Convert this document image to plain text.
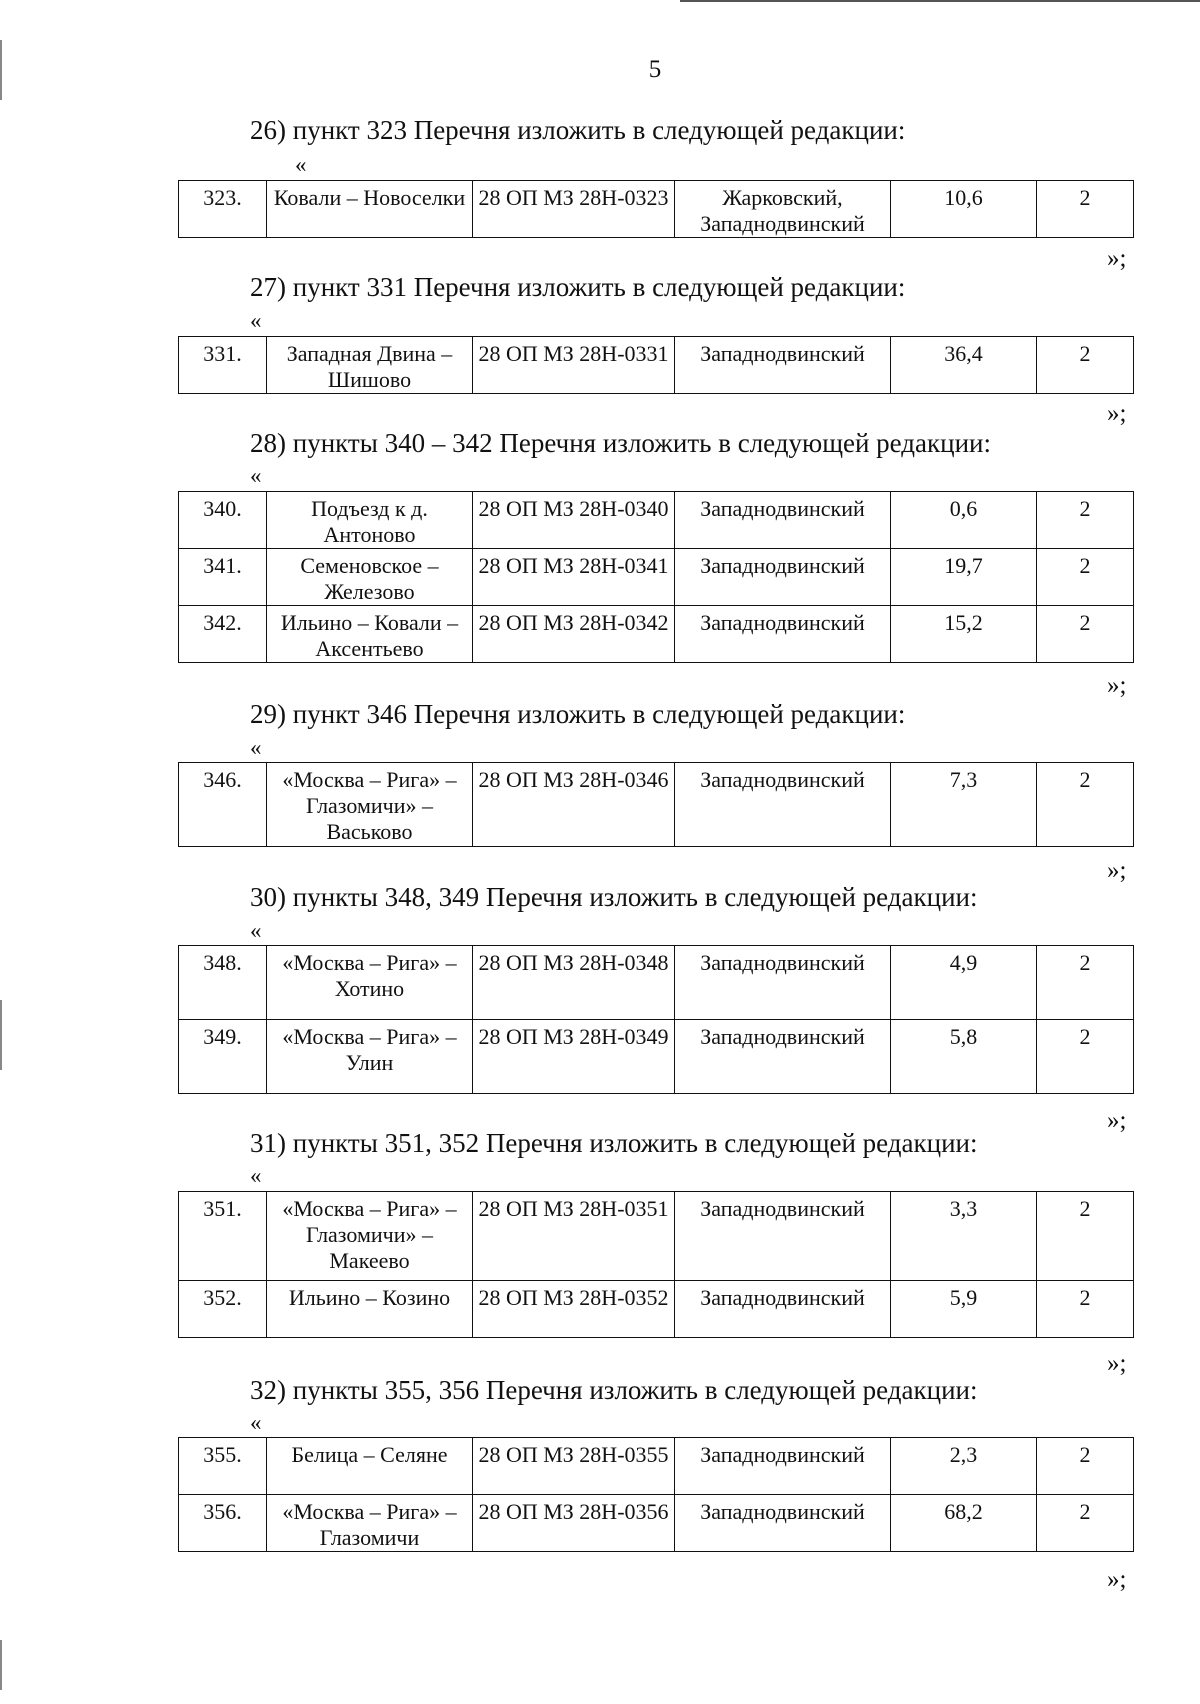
5
26) пункт 323 Перечня изложить в следующей редакции:
«
323.	Ковали – Новоселки	28 ОП МЗ 28Н-0323	Жарковский, Западнодвинский	10,6	2
»;
27) пункт 331 Перечня изложить в следующей редакции:
«
331.	Западная Двина – Шишово	28 ОП МЗ 28Н-0331	Западнодвинский	36,4	2
»;
28) пункты 340 – 342 Перечня изложить в следующей редакции:
«
340.	Подъезд к д. Антоново	28 ОП МЗ 28Н-0340	Западнодвинский	0,6	2
341.	Семеновское – Железово	28 ОП МЗ 28Н-0341	Западнодвинский	19,7	2
342.	Ильино – Ковали – Аксентьево	28 ОП МЗ 28Н-0342	Западнодвинский	15,2	2
»;
29) пункт 346 Перечня изложить в следующей редакции:
«
346.	«Москва – Рига» – Глазомичи» – Васьково	28 ОП МЗ 28Н-0346	Западнодвинский	7,3	2
»;
30) пункты 348, 349 Перечня изложить в следующей редакции:
«
348.	«Москва – Рига» – Хотино	28 ОП МЗ 28Н-0348	Западнодвинский	4,9	2
349.	«Москва – Рига» – Улин	28 ОП МЗ 28Н-0349	Западнодвинский	5,8	2
»;
31) пункты 351, 352 Перечня изложить в следующей редакции:
«
351.	«Москва – Рига» – Глазомичи» – Макеево	28 ОП МЗ 28Н-0351	Западнодвинский	3,3	2
352.	Ильино – Козино	28 ОП МЗ 28Н-0352	Западнодвинский	5,9	2
»;
32) пункты 355, 356 Перечня изложить в следующей редакции:
«
355.	Белица – Селяне	28 ОП МЗ 28Н-0355	Западнодвинский	2,3	2
356.	«Москва – Рига» – Глазомичи	28 ОП МЗ 28Н-0356	Западнодвинский	68,2	2
»;
